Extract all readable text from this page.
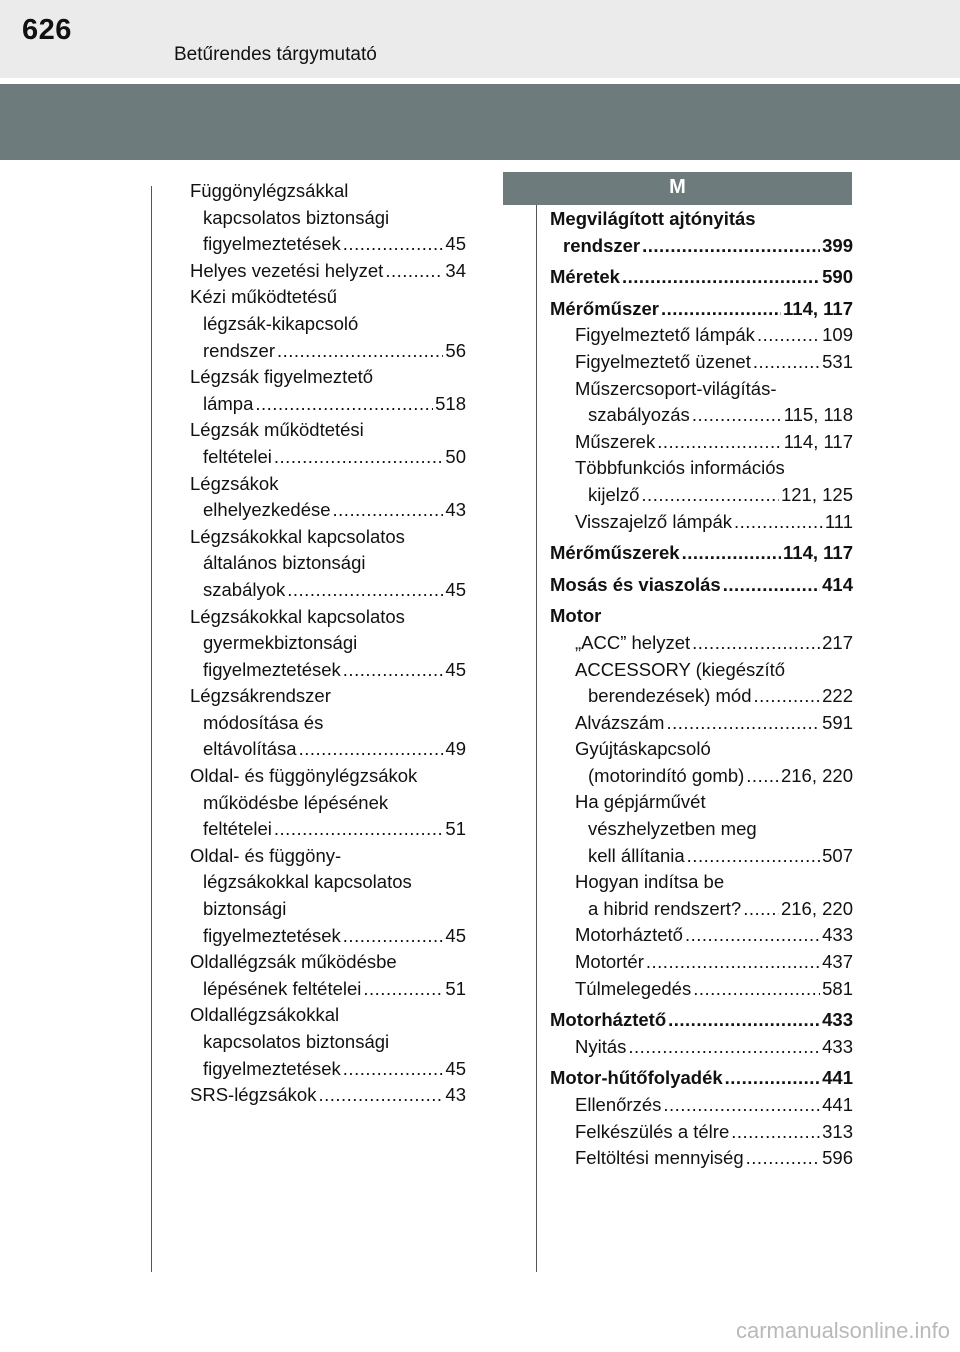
626
Betűrendes tárgymutató
M
Függönylégzsákkal
kapcsolatos biztonsági
figyelmeztetések .....	45
Helyes vezetési helyzet .....	34
Kézi működtetésű
légzsák-kikapcsoló
rendszer .....	56
Légzsák figyelmeztető
lámpa .....	518
Légzsák működtetési
feltételei .....	50
Légzsákok
elhelyezkedése .....	43
Légzsákokkal kapcsolatos
általános biztonsági
szabályok .....	45
Légzsákokkal kapcsolatos
gyermekbiztonsági
figyelmeztetések .....	45
Légzsákrendszer
módosítása és
eltávolítása .....	49
Oldal- és függönylégzsákok
működésbe lépésének
feltételei .....	51
Oldal- és függöny-
légzsákokkal kapcsolatos
biztonsági
figyelmeztetések .....	45
Oldallégzsák működésbe
lépésének feltételei .....	51
Oldallégzsákokkal
kapcsolatos biztonsági
figyelmeztetések .....	45
SRS-légzsákok .....	43
Megvilágított ajtónyitás
rendszer .....	399
Méretek .....	590
Mérőműszer .....	114, 117
Figyelmeztető lámpák .....	109
Figyelmeztető üzenet .....	531
Műszercsoport-világítás-
szabályozás .....	115, 118
Műszerek .....	114, 117
Többfunkciós információs
kijelző .....	121, 125
Visszajelző lámpák .....	111
Mérőműszerek .....	114, 117
Mosás és viaszolás .....	414
Motor
„ACC” helyzet .....	217
ACCESSORY (kiegészítő
berendezések) mód .....	222
Alvázszám .....	591
Gyújtáskapcsoló
(motorindító gomb) ..... 216, 220
Ha gépjárművét
vészhelyzetben meg
kell állítania .....	507
Hogyan indítsa be
a hibrid rendszert? ..... 216, 220
Motorháztető .....	433
Motortér .....	437
Túlmelegedés .....	581
Motorháztető .....	433
Nyitás .....	433
Motor-hűtőfolyadék .....	441
Ellenőrzés .....	441
Felkészülés a télre .....	313
Feltöltési mennyiség .....	596
carmanualsonline.info
